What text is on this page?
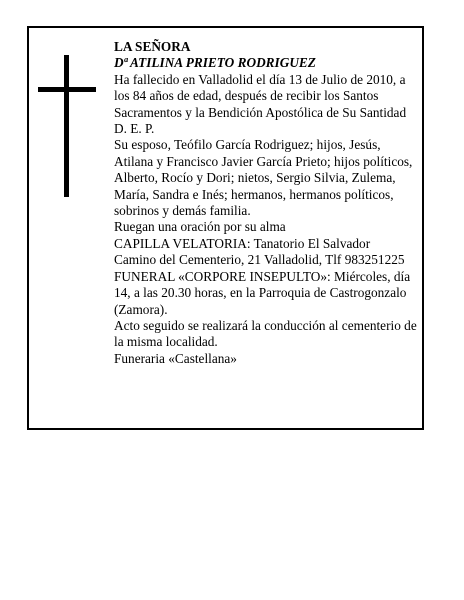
LA SEÑORA

Dª ATILINA PRIETO RODRIGUEZ

Ha fallecido en Valladolid el día 13 de Julio de 2010, a los 84 años de edad, después de recibir los Santos Sacramentos y la Bendición Apostólica de Su Santidad

D. E. P.

Su esposo, Teófilo García Rodriguez; hijos, Jesús, Atilana y Francisco Javier García Prieto; hijos políticos, Alberto, Rocío y Dori; nietos, Sergio Silvia, Zulema, María, Sandra e Inés; hermanos, hermanos políticos, sobrinos y demás familia.

Ruegan una oración por su alma

CAPILLA VELATORIA: Tanatorio El Salvador

Camino del Cementerio, 21 Valladolid, Tlf 983251225

FUNERAL «CORPORE INSEPULTO»: Miércoles, día 14, a las 20.30 horas, en la Parroquia de Castrogonzalo (Zamora).

Acto seguido se realizará la conducción al cementerio de la misma localidad.

Funeraria «Castellana»
